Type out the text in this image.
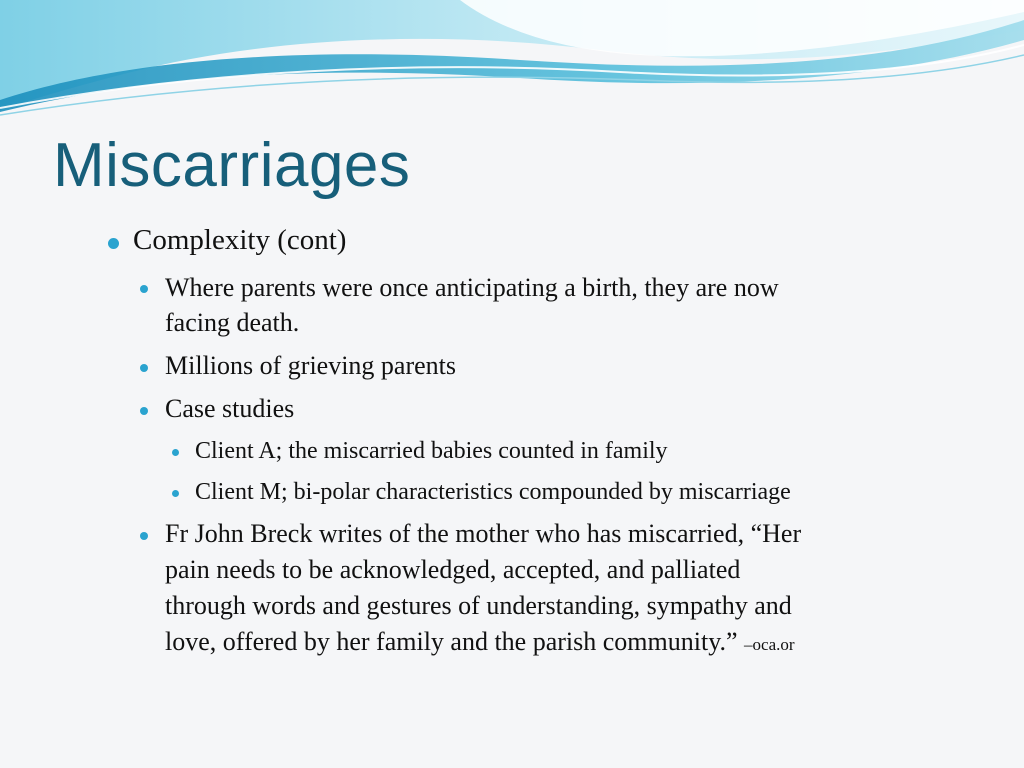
Miscarriages

Complexity (cont)

Where parents were once anticipating a birth, they are now

facing death.

Millions of grieving parents

Case studies

Client A; the miscarried babies counted in family

Client M; bi-polar characteristics compounded by miscarriage

Fr John Breck writes of the mother who has miscarried, “Her

pain needs to be acknowledged, accepted, and palliated

through words and gestures of understanding, sympathy and

love, offered by her family and the parish community.” –oca.or
